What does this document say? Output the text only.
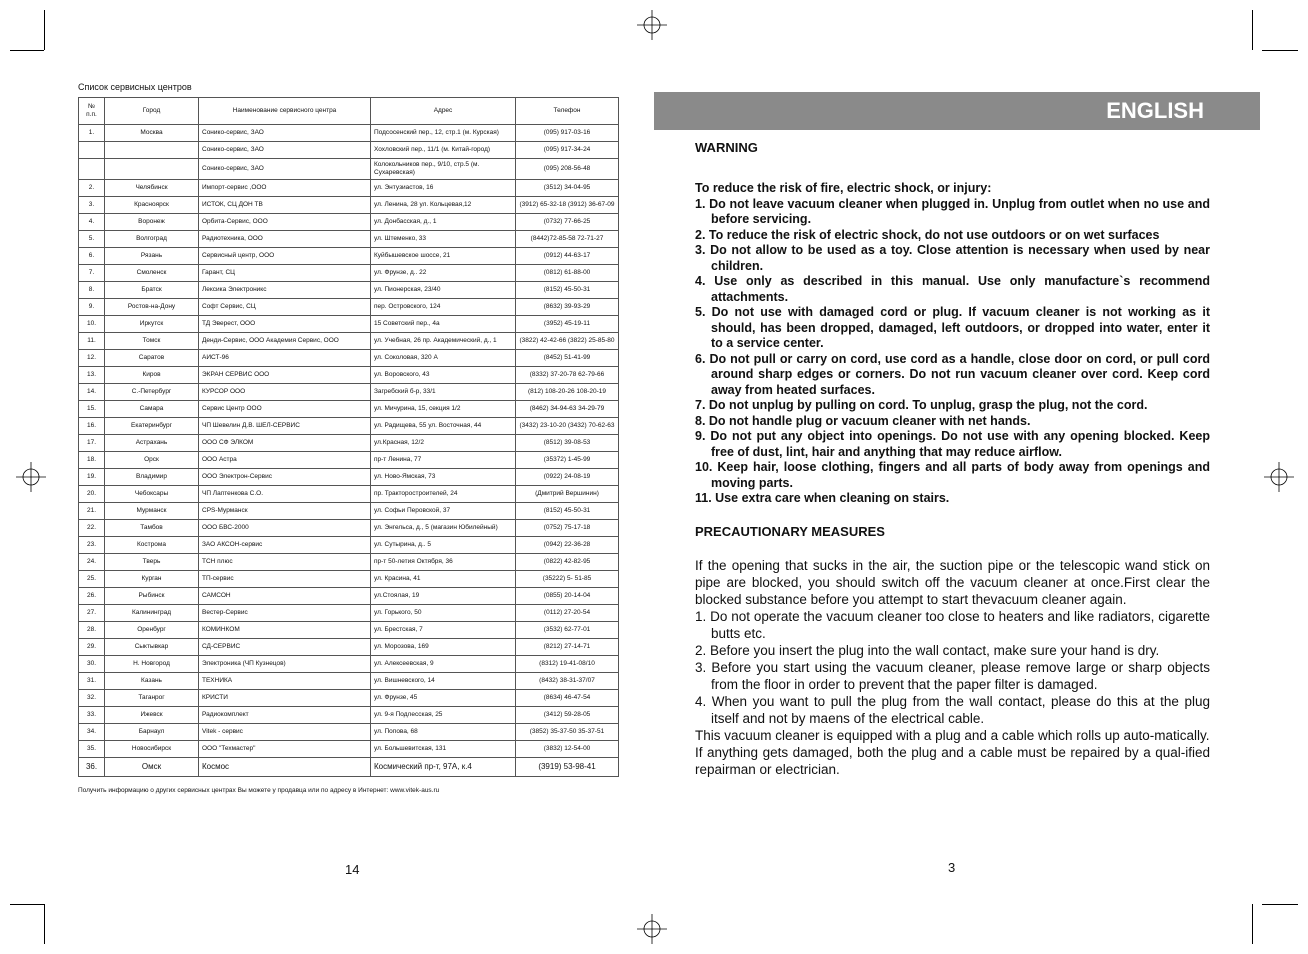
Список сервисных центров
№ п.п.	Город	Наименование сервисного центра	Адрес	Телефон
1.	Москва	Сонико-сервис, ЗАО	Подсосенский пер., 12, стр.1 (м. Курская)	(095) 917-03-16
		Сонико-сервис, ЗАО	Хохловский пер., 11/1 (м. Китай-город)	(095) 917-34-24
		Сонико-сервис, ЗАО	Колокольников пер., 9/10, стр.5 (м. Сухаревская)	(095) 208-56-48
2.	Челябинск	Импорт-сервис ,ООО	ул. Энтузиастов, 16	(3512) 34-04-95
3.	Красноярск	ИСТОК, СЦ ДОН ТВ	ул. Ленина, 28 ул. Кольцевая,12	(3912) 65-32-18 (3912) 36-67-09
4.	Воронеж	Орбита-Сервис, ООО	ул. Донбасская, д., 1	(0732) 77-66-25
5.	Волгоград	Радиотехника, ООО	ул. Штеменко, 33	(8442)72-85-58 72-71-27
6.	Рязань	Сервисный центр, ООО	Куйбышевское шоссе, 21	(0912) 44-63-17
7.	Смоленск	Гарант, СЦ	ул. Фрунзе, д.. 22	(0812) 61-88-00
8.	Братск	Лексика Электроникс	ул. Пионерская, 23/40	(8152) 45-50-31
9.	Ростов-на-Дону	Софт Сервис, СЦ	пер. Островского, 124	(8632) 39-93-29
10.	Иркутск	ТД Эверест, ООО	15 Советский пер., 4а	(3952) 45-19-11
11.	Томск	Денди-Сервис, ООО Академия Сервис, ООО	ул. Учебная, 26 пр. Академический, д., 1	(3822) 42-42-66 (3822) 25-85-80
12.	Саратов	АИСТ-96	ул. Соколовая, 320 А	(8452) 51-41-99
13.	Киров	ЭКРАН СЕРВИС ООО	ул. Воровского, 43	(8332) 37-20-78 62-79-66
14.	С.-Петербург	КУРСОР ООО	Загребский б-р, 33/1	(812) 108-20-26 108-20-19
15.	Самара	Сервис Центр ООО	ул. Мичурина, 15, секция 1/2	(8462) 34-94-63 34-29-79
16.	Екатеринбург	ЧП Шевелин Д.В. ШЕЛ-СЕРВИС	ул. Радищева, 55 ул. Восточная, 44	(3432) 23-10-20 (3432) 70-62-63
17.	Астрахань	ООО СФ ЭЛКОМ	ул.Красная, 12/2	(8512) 39-08-53
18.	Орск	ООО Астра	пр-т Ленина, 77	(35372) 1-45-99
19.	Владимир	ООО Электрон-Сервис	ул. Ново-Ямская, 73	(0922) 24-08-19
20.	Чебоксары	ЧП Лаптенкова С.О.	пр. Тракторостроителей, 24	(Дмитрий Вершинин)
21.	Мурманск	CPS-Мурманск	ул. Софьи Перовской, 37	(8152) 45-50-31
22.	Тамбов	ООО БВС-2000	ул. Энгельса, д., 5 (магазин Юбилейный)	(0752) 75-17-18
23.	Кострома	ЗАО АКСОН-сервис	ул. Сутырина, д.. 5	(0942) 22-36-28
24.	Тверь	ТСН плюс	пр-т 50-летия Октября, 36	(0822) 42-82-95
25.	Курган	ТП-сервис	ул. Красина, 41	(35222) 5- 51-85
26.	Рыбинск	САМСОН	ул.Стоялая, 19	(0855) 20-14-04
27.	Калининград	Вестер-Сервис	ул. Горького, 50	(0112) 27-20-54
28.	Оренбург	КОМИНКОМ	ул. Брестская, 7	(3532) 62-77-01
29.	Сыктывкар	СД-СЕРВИС	ул. Морозова, 169	(8212) 27-14-71
30.	Н. Новгород	Электроника (ЧП Кузнецов)	ул. Алексеевская, 9	(8312) 19-41-08/10
31.	Казань	ТЕХНИКА	ул. Вишневского, 14	(8432) 38-31-37/07
32.	Таганрог	КРИСТИ	ул. Фрунзе, 45	(8634) 46-47-54
33.	Ижевск	Радиокомплект	ул. 9-я Подлесская, 25	(3412) 59-28-05
34.	Барнаул	Vitek - сервис	ул. Попова, 68	(3852) 35-37-50 35-37-51
35.	Новосибирск	ООО "Техмастер"	ул. Большевитская, 131	(3832) 12-54-00
36.	Омск	Космос	Космический пр-т, 97А, к.4	(3919) 53-98-41
Получить информацию о других сервисных центрах Вы можете у продавца или по адресу в Интернет: www.vitek-aus.ru
14
ENGLISH

WARNING

To reduce the risk of fire, electric shock, or injury:
1. Do not leave vacuum cleaner when plugged in. Unplug from outlet when no use and before servicing.
2. To reduce the risk of electric shock, do not use outdoors or on wet surfaces
3. Do not allow to be used as a toy. Close attention is necessary when used by near children.
4. Use only as described in this manual. Use only manufacture`s recommend attachments.
5. Do not use with damaged cord or plug. If vacuum cleaner is not working as it should, has been dropped, damaged, left outdoors, or dropped into water, enter it to a service center.
6. Do not pull or carry on cord, use cord as a handle, close door on cord, or pull cord around sharp edges or corners. Do not run vacuum cleaner over cord. Keep cord away from heated surfaces.
7. Do not unplug by pulling on cord. To unplug, grasp the plug, not the cord.
8. Do not handle plug or vacuum cleaner with net hands.
9. Do not put any object into openings. Do not use with any opening blocked. Keep free of dust, lint, hair and anything that may reduce airflow.
10. Keep hair, loose clothing, fingers and all parts of body away from openings and moving parts.
11. Use extra care when cleaning on stairs.

PRECAUTIONARY MEASURES

If the opening that sucks in the air, the suction pipe or the telescopic wand stick on pipe are blocked, you should switch off the vacuum cleaner at once.First clear the blocked substance before you attempt to start thevacuum cleaner again.

1. Do not operate the vacuum cleaner too close to heaters and like radiators, cigarette butts etc.

2. Before you insert the plug into the wall contact, make sure your hand is dry.

3. Before you start using the vacuum cleaner, please remove large or sharp objects from the floor in order to prevent that the paper filter is damaged.

4. When you want to pull the plug from the wall contact, please do this at the plug itself and not by maens of the electrical cable.

This vacuum cleaner is equipped with a plug and a cable which rolls up auto-matically.

If anything gets damaged, both the plug and a cable must be repaired by a qual-ified repairman or electrician.

3
